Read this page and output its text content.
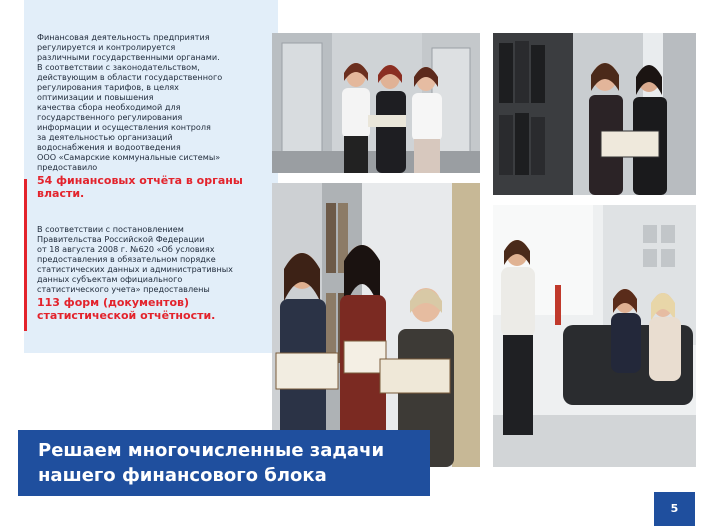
Финансовая деятельность предприятия
регулируется и контролируется
различными государственными органами.
В соответствии с законодательством,
действующим в области государственного
регулирования тарифов, в целях
оптимизации и повышения
качества сбора необходимой для
государственного регулирования
информации и осуществления контроля
за деятельностью организаций
водоснабжения и водоотведения
ООО «Самарские коммунальные системы»
предоставило
54 финансовых отчёта в органы
власти.
В соответствии с постановлением
Правительства Российской Федерации
от 18 августа 2008 г. №620 «Об условиях
предоставления в обязательном порядке
статистических данных и административных
данных субъектам официального
статистического учета» предоставлены
113 форм (документов)
статистической отчётности.
Решаем многочисленные задачи
нашего финансового блока
5
